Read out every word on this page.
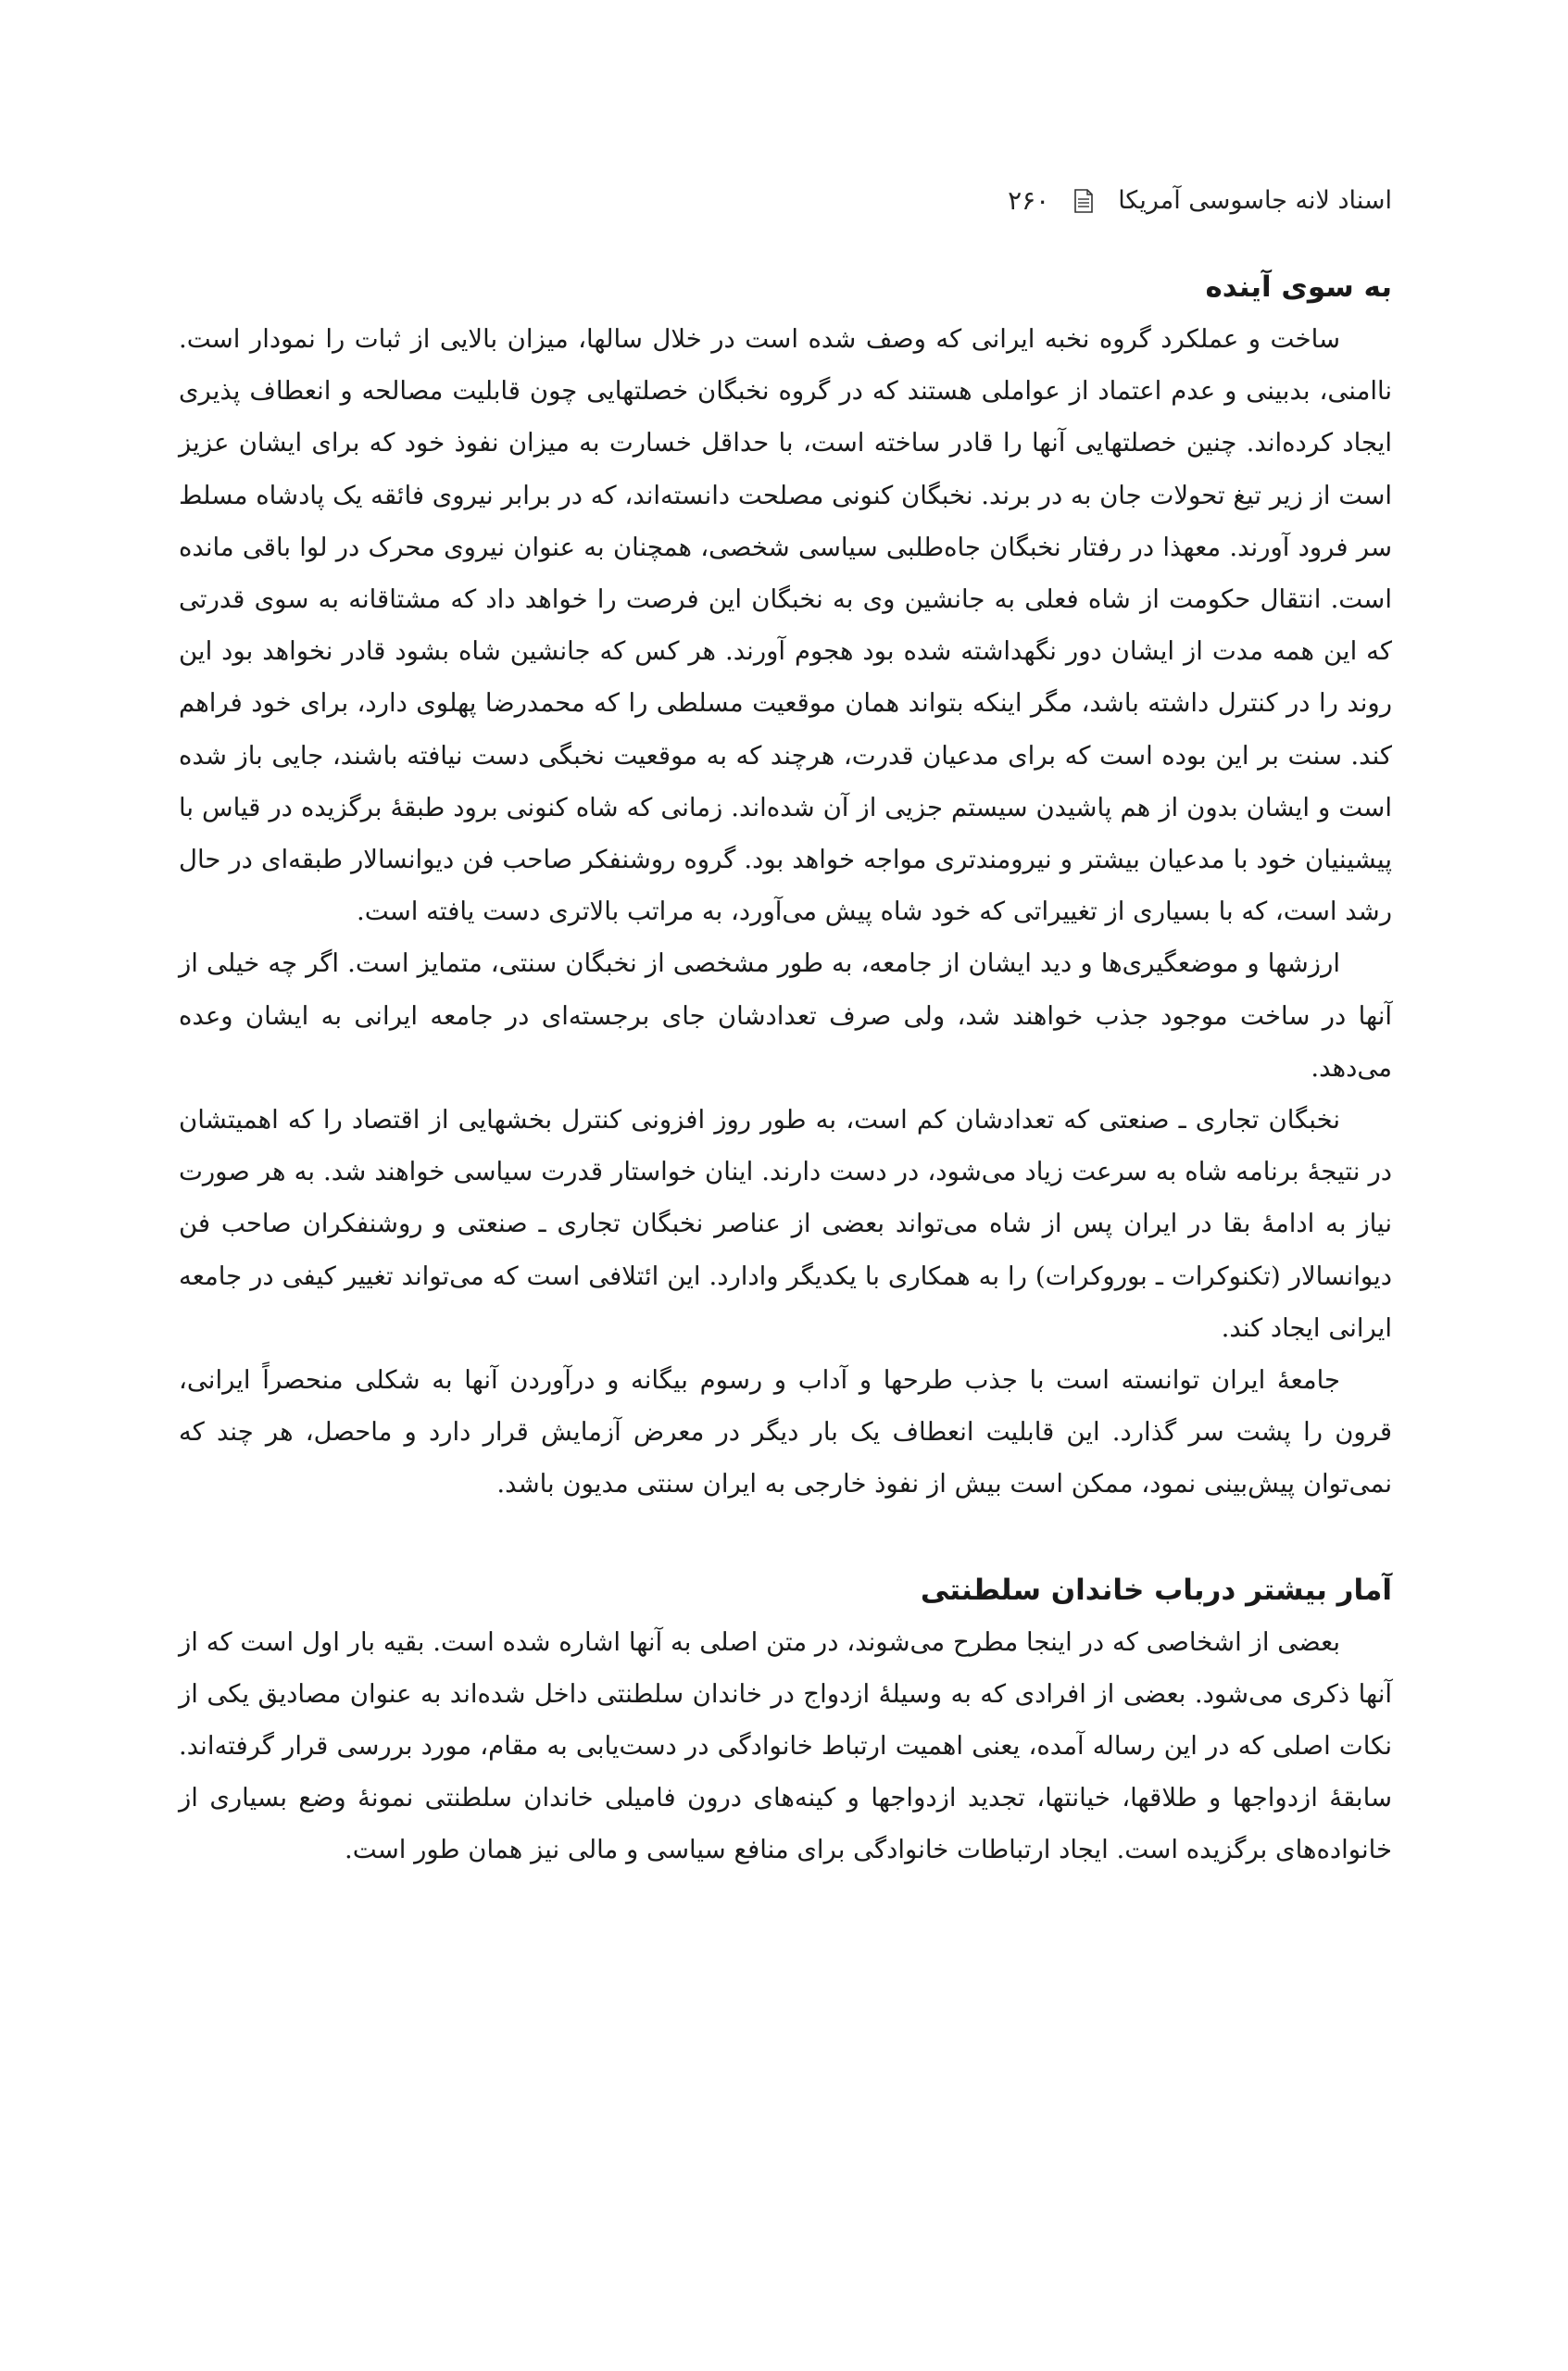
اسناد لانه جاسوسی آمریکا
۲۶۰
به سوی آینده

ساخت و عملکرد گروه نخبه ایرانی که وصف شده است در خلال سالها، میزان بالایی از ثبات را نمودار است. ناامنی، بدبینی و عدم اعتماد از عواملی هستند که در گروه نخبگان خصلتهایی چون قابلیت مصالحه و انعطاف پذیری ایجاد کرده‌اند. چنین خصلتهایی آنها را قادر ساخته است، با حداقل خسارت به میزان نفوذ خود که برای ایشان عزیز است از زیر تیغ تحولات جان به در برند. نخبگان کنونی مصلحت دانسته‌اند، که در برابر نیروی فائقه یک پادشاه مسلط سر فرود آورند. معهذا در رفتار نخبگان جاه‌طلبی سیاسی شخصی، همچنان به عنوان نیروی محرک در لوا باقی مانده است. انتقال حکومت از شاه فعلی به جانشین وی به نخبگان این فرصت را خواهد داد که مشتاقانه به سوی قدرتی که این همه مدت از ایشان دور نگهداشته شده بود هجوم آورند. هر کس که جانشین شاه بشود قادر نخواهد بود این روند را در کنترل داشته باشد، مگر اینکه بتواند همان موقعیت مسلطی را که محمدرضا پهلوی دارد، برای خود فراهم کند. سنت بر این بوده است که برای مدعیان قدرت، هرچند که به موقعیت نخبگی دست نیافته باشند، جایی باز شده است و ایشان بدون از هم پاشیدن سیستم جزیی از آن شده‌اند. زمانی که شاه کنونی برود طبقهٔ برگزیده در قیاس با پیشینیان خود با مدعیان بیشتر و نیرومندتری مواجه خواهد بود. گروه روشنفکر صاحب فن دیوانسالار طبقه‌ای در حال رشد است، که با بسیاری از تغییراتی که خود شاه پیش می‌آورد، به مراتب بالاتری دست یافته است.

ارزشها و موضعگیری‌ها و دید ایشان از جامعه، به طور مشخصی از نخبگان سنتی، متمایز است. اگر چه خیلی از آنها در ساخت موجود جذب خواهند شد، ولی صرف تعدادشان جای برجسته‌ای در جامعه ایرانی به ایشان وعده می‌دهد.

نخبگان تجاری ـ صنعتی که تعدادشان کم است، به طور روز افزونی کنترل بخشهایی از اقتصاد را که اهمیتشان در نتیجهٔ برنامه شاه به سرعت زیاد می‌شود، در دست دارند. اینان خواستار قدرت سیاسی خواهند شد. به هر صورت نیاز به ادامهٔ بقا در ایران پس از شاه می‌تواند بعضی از عناصر نخبگان تجاری ـ صنعتی و روشنفکران صاحب فن دیوانسالار (تکنوکرات ـ بوروکرات) را به همکاری با یکدیگر وادارد. این ائتلافی است که می‌تواند تغییر کیفی در جامعه ایرانی ایجاد کند.

جامعهٔ ایران توانسته است با جذب طرحها و آداب و رسوم بیگانه و درآوردن آنها به شکلی منحصراً ایرانی، قرون را پشت سر گذارد. این قابلیت انعطاف یک بار دیگر در معرض آزمایش قرار دارد و ماحصل، هر چند که نمی‌توان پیش‌بینی نمود، ممکن است بیش از نفوذ خارجی به ایران سنتی مدیون باشد.

آمار بیشتر درباب خاندان سلطنتی

بعضی از اشخاصی که در اینجا مطرح می‌شوند، در متن اصلی به آنها اشاره شده است. بقیه بار اول است که از آنها ذکری می‌شود. بعضی از افرادی که به وسیلهٔ ازدواج در خاندان سلطنتی داخل شده‌اند به عنوان مصادیق یکی از نکات اصلی که در این رساله آمده، یعنی اهمیت ارتباط خانوادگی در دست‌یابی به مقام، مورد بررسی قرار گرفته‌اند. سابقهٔ ازدواجها و طلاقها، خیانتها، تجدید ازدواجها و کینه‌های درون فامیلی خاندان سلطنتی نمونهٔ وضع بسیاری از خانواده‌های برگزیده است. ایجاد ارتباطات خانوادگی برای منافع سیاسی و مالی نیز همان طور است.
